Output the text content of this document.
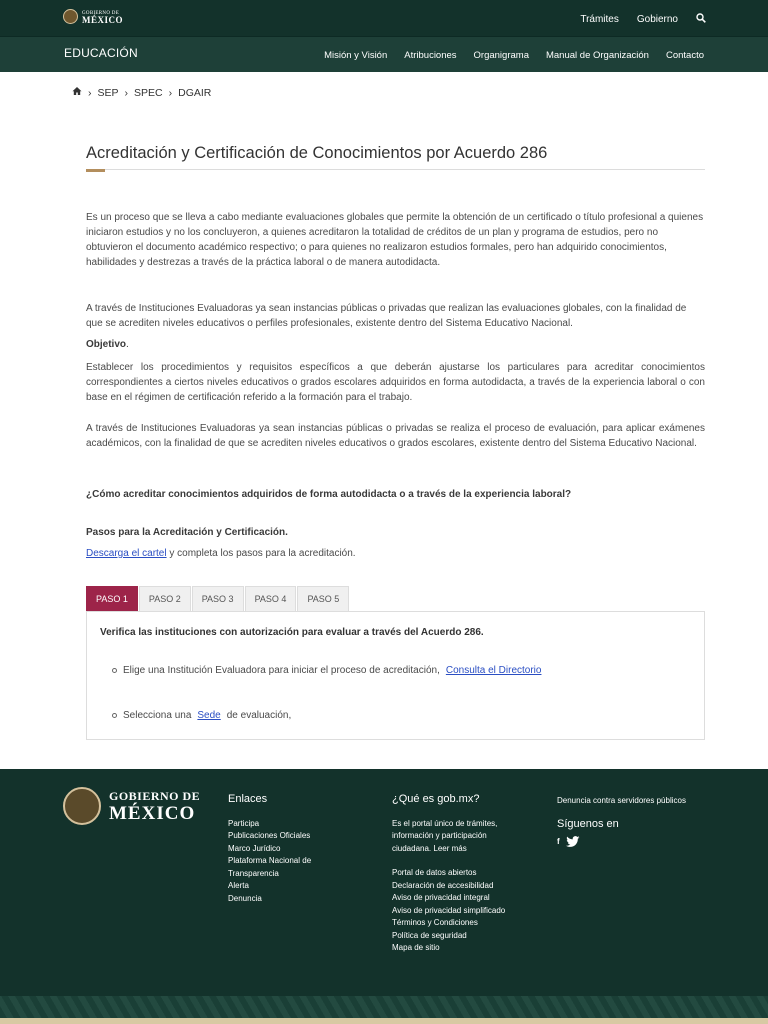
GOBIERNO DE
MÉXICO	Trámites Gobierno
EDUCACIÓN	Misión y Visión Atribuciones Organigrama Manual de Organización Contacto
› SEP › SPEC › DGAIR
Acreditación y Certificación de Conocimientos por Acuerdo 286
Es un proceso que se lleva a cabo mediante evaluaciones globales que permite la obtención de un certificado o título profesional a quienes iniciaron estudios y no los concluyeron, a quienes acreditaron la totalidad de créditos de un plan y programa de estudios, pero no obtuvieron el documento académico respectivo; o para quienes no realizaron estudios formales, pero han adquirido conocimientos, habilidades y destrezas a través de la práctica laboral o de manera autodidacta.
A través de Instituciones Evaluadoras ya sean instancias públicas o privadas que realizan las evaluaciones globales, con la finalidad de que se acrediten niveles educativos o perfiles profesionales, existente dentro del Sistema Educativo Nacional.
Objetivo.
Establecer los procedimientos y requisitos específicos a que deberán ajustarse los particulares para acreditar conocimientos correspondientes a ciertos niveles educativos o grados escolares adquiridos en forma autodidacta, a través de la experiencia laboral o con base en el régimen de certificación referido a la formación para el trabajo.
A través de Instituciones Evaluadoras ya sean instancias públicas o privadas se realiza el proceso de evaluación, para aplicar exámenes académicos, con la finalidad de que se acrediten niveles educativos o grados escolares, existente dentro del Sistema Educativo Nacional.
¿Cómo acreditar conocimientos adquiridos de forma autodidacta o a través de la experiencia laboral?
Pasos para la Acreditación y Certificación.
Descarga el cartel y completa los pasos para la acreditación.
PASO 1	PASO 2	PASO 3	PASO 4	PASO 5
Verifica las instituciones con autorización para evaluar a través del Acuerdo 286.
Elige una Institución Evaluadora para iniciar el proceso de acreditación, Consulta el Directorio
Selecciona una Sede de evaluación,
GOBIERNO DE
MÉXICO
Enlaces
Participa
Publicaciones Oficiales
Marco Jurídico
Plataforma Nacional de Transparencia
Alerta
Denuncia
¿Qué es gob.mx?
Es el portal único de trámites, información y participación ciudadana. Leer más
Portal de datos abiertos
Declaración de accesibilidad
Aviso de privacidad integral
Aviso de privacidad simplificado
Términos y Condiciones
Política de seguridad
Mapa de sitio
Denuncia contra servidores públicos
Síguenos en
f
